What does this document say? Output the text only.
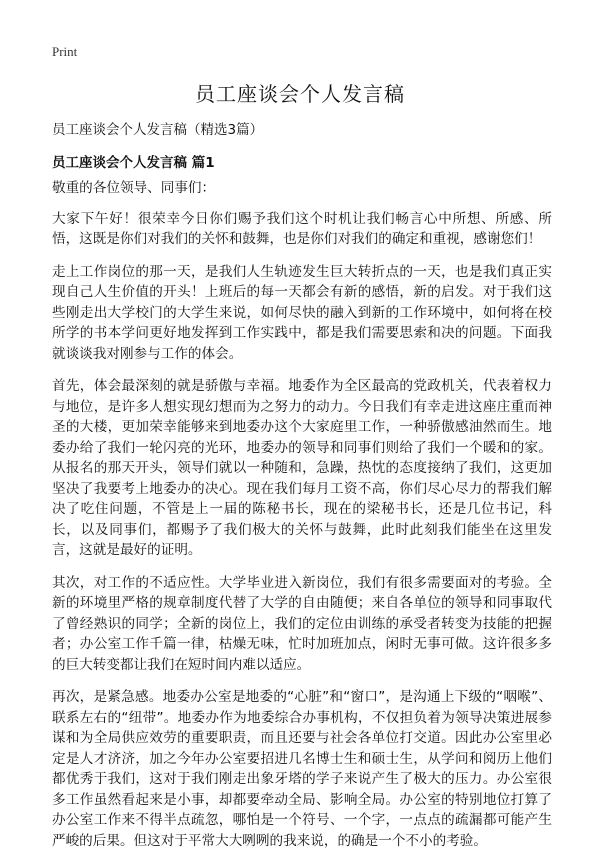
Print
员工座谈会个人发言稿

员工座谈会个人发言稿（精选3篇）

员工座谈会个人发言稿 篇1

敬重的各位领导、同事们：

大家下午好！很荣幸今日你们赐予我们这个时机让我们畅言心中所想、所感、所悟，这既是你们对我们的关怀和鼓舞，也是你们对我们的确定和重视，感谢您们！

走上工作岗位的那一天，是我们人生轨迹发生巨大转折点的一天，也是我们真正实现自己人生价值的开头！上班后的每一天都会有新的感悟，新的启发。对于我们这些刚走出大学校门的大学生来说，如何尽快的融入到新的工作环境中，如何将在校所学的书本学问更好地发挥到工作实践中，都是我们需要思索和决的问题。下面我就谈谈我对刚参与工作的体会。

首先，体会最深刻的就是骄傲与幸福。地委作为全区最高的党政机关，代表着权力与地位，是许多人想实现幻想而为之努力的动力。今日我们有幸走进这座庄重而神圣的大楼，更加荣幸能够来到地委办这个大家庭里工作，一种骄傲感油然而生。地委办给了我们一轮闪亮的光环，地委办的领导和同事们则给了我们一个暖和的家。从报名的那天开头，领导们就以一种随和，急躁，热忱的态度接纳了我们，这更加坚决了我要考上地委办的决心。现在我们每月工资不高，你们尽心尽力的帮我们解决了吃住问题，不管是上一届的陈秘书长，现在的梁秘书长，还是几位书记，科长，以及同事们，都赐予了我们极大的关怀与鼓舞，此时此刻我们能坐在这里发言，这就是最好的证明。

其次，对工作的不适应性。大学毕业进入新岗位，我们有很多需要面对的考验。全新的环境里严格的规章制度代替了大学的自由随便；来自各单位的领导和同事取代了曾经熟识的同学；全新的岗位上，我们的定位由训练的承受者转变为技能的把握者；办公室工作千篇一律，枯燥无味，忙时加班加点，闲时无事可做。这许很多多的巨大转变都让我们在短时间内难以适应。

再次，是紧急感。地委办公室是地委的“心脏”和“窗口”，是沟通上下级的“咽喉”、联系左右的“纽带”。地委办作为地委综合办事机构，不仅担负着为领导决策进展参谋和为全局供应效劳的重要职责，而且还要与社会各单位打交道。因此办公室里必定是人才济济，加之今年办公室要招进几名博士生和硕士生，从学问和阅历上他们都优秀于我们，这对于我们刚走出象牙塔的学子来说产生了极大的压力。办公室很多工作虽然看起来是小事，却都要牵动全局、影响全局。办公室的特别地位打算了办公室工作来不得半点疏忽，哪怕是一个符号、一个字，一点点的疏漏都可能产生严峻的后果。但这对于平常大大咧咧的我来说，的确是一个不小的考验。
